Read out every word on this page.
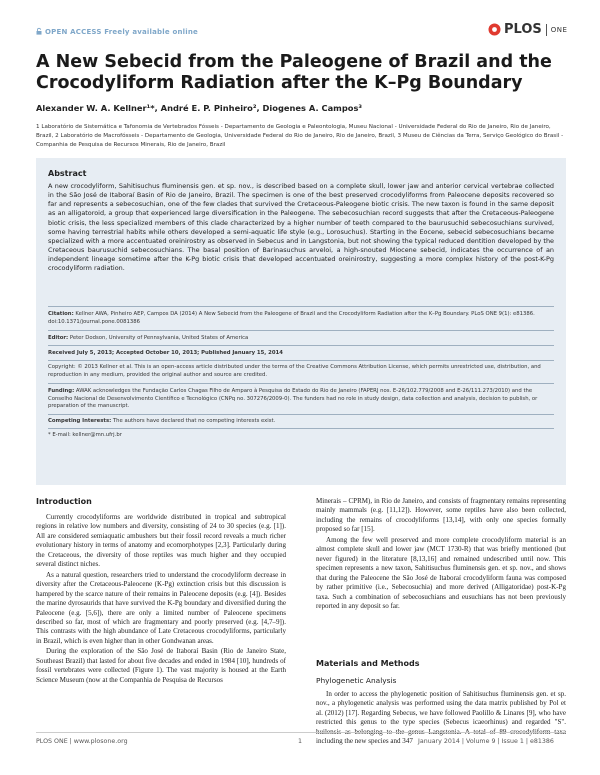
OPEN ACCESS Freely available online	PLOS ONE
A New Sebecid from the Paleogene of Brazil and the Crocodyliform Radiation after the K–Pg Boundary
Alexander W. A. Kellner¹*, André E. P. Pinheiro², Diogenes A. Campos³
1 Laboratório de Sistemática e Tafonomia de Vertebrados Fósseis - Departamento de Geologia e Paleontologia, Museu Nacional - Universidade Federal do Rio de Janeiro, Rio de Janeiro, Brazil, 2 Laboratório de Macrofósseis - Departamento de Geologia, Universidade Federal do Rio de Janeiro, Rio de Janeiro, Brazil, 3 Museu de Ciências da Terra, Serviço Geológico do Brasil - Companhia de Pesquisa de Recursos Minerais, Rio de Janeiro, Brazil
Abstract
A new crocodyliform, Sahitisuchus fluminensis gen. et sp. nov., is described based on a complete skull, lower jaw and anterior cervical vertebrae collected in the São José de Itaboraí Basin of Rio de Janeiro, Brazil. The specimen is one of the best preserved crocodyliforms from Paleocene deposits recovered so far and represents a sebecosuchian, one of the few clades that survived the Cretaceous-Paleogene biotic crisis. The new taxon is found in the same deposit as an alligatoroid, a group that experienced large diversification in the Paleogene. The sebecosuchian record suggests that after the Cretaceous-Paleogene biotic crisis, the less specialized members of this clade characterized by a higher number of teeth compared to the baurusuchid sebecosuchians survived, some having terrestrial habits while others developed a semi-aquatic life style (e.g., Lorosuchus). Starting in the Eocene, sebecid sebecosuchians became specialized with a more accentuated oreinirostry as observed in Sebecus and in Langstonia, but not showing the typical reduced dentition developed by the Cretaceous baurusuchid sebecosuchians. The basal position of Barinasuchus arveloi, a high-snouted Miocene sebecid, indicates the occurrence of an independent lineage sometime after the K-Pg biotic crisis that developed accentuated oreinirostry, suggesting a more complex history of the post-K-Pg crocodyliform radiation.
Citation: Kellner AWA, Pinheiro AEP, Campos DA (2014) A New Sebecid from the Paleogene of Brazil and the Crocodyliform Radiation after the K–Pg Boundary. PLoS ONE 9(1): e81386. doi:10.1371/journal.pone.0081386
Editor: Peter Dodson, University of Pennsylvania, United States of America
Received July 5, 2013; Accepted October 10, 2013; Published January 15, 2014
Copyright: © 2013 Kellner et al. This is an open-access article distributed under the terms of the Creative Commons Attribution License, which permits unrestricted use, distribution, and reproduction in any medium, provided the original author and source are credited.
Funding: AWAK acknowledges the Fundação Carlos Chagas Filho de Amparo à Pesquisa do Estado do Rio de Janeiro (FAPERJ nos. E-26/102.779/2008 and E-26/111.273/2010) and the Conselho Nacional de Desenvolvimento Científico e Tecnológico (CNPq no. 307276/2009-0). The funders had no role in study design, data collection and analysis, decision to publish, or preparation of the manuscript.
Competing Interests: The authors have declared that no competing interests exist.
* E-mail: kellner@mn.ufrj.br
Introduction

Currently crocodyliforms are worldwide distributed in tropical and subtropical regions in relative low numbers and diversity, consisting of 24 to 30 species (e.g. [1]). All are considered semiaquatic ambushers but their fossil record reveals a much richer evolutionary history in terms of anatomy and ecomorphotypes [2,3]. Particularly during the Cretaceous, the diversity of those reptiles was much higher and they occupied several distinct niches.

As a natural question, researchers tried to understand the crocodyliform decrease in diversity after the Cretaceous-Paleocene (K-Pg) extinction crisis but this discussion is hampered by the scarce nature of their remains in Paleocene deposits (e.g. [4]). Besides the marine dyrosaurids that have survived the K-Pg boundary and diversified during the Paleocene (e.g. [5,6]), there are only a limited number of Paleocene specimens described so far, most of which are fragmentary and poorly preserved (e.g. [4,7–9]). This contrasts with the high abundance of Late Cretaceous crocodyliforms, particularly in Brazil, which is even higher than in other Gondwanan areas.

During the exploration of the São José de Itaboraí Basin (Rio de Janeiro State, Southeast Brazil) that lasted for about five decades and ended in 1984 [10], hundreds of fossil vertebrates were collected (Figure 1). The vast majority is housed at the Earth Science Museum (now at the Companhia de Pesquisa de Recursos

Minerais – CPRM), in Rio de Janeiro, and consists of fragmentary remains representing mainly mammals (e.g. [11,12]). However, some reptiles have also been collected, including the remains of crocodyliforms [13,14], with only one species formally proposed so far [15].

Among the few well preserved and more complete crocodyliform material is an almost complete skull and lower jaw (MCT 1730-R) that was briefly mentioned (but never figured) in the literature [8,13,16] and remained undescribed until now. This specimen represents a new taxon, Sahitisuchus fluminensis gen. et sp. nov., and shows that during the Paleocene the São José de Itaboraí crocodyliform fauna was composed by rather primitive (i.e., Sebecosuchia) and more derived (Alligatoridae) post-K-Pg taxa. Such a combination of sebecosuchians and eusuchians has not been previously reported in any deposit so far.

Materials and Methods
Phylogenetic Analysis

In order to access the phylogenetic position of Sahitisuchus fluminensis gen. et sp. nov., a phylogenetic analysis was performed using the data matrix published by Pol et al. (2012) [17]. Regarding Sebecus, we have followed Paolillo & Linares [9], who have restricted this genus to the type species (Sebecus icaeorhinus) and regarded "S". huilensis as belonging to the genus Langstonia. A total of 89 crocodyliform taxa including the new species and 347

PLOS ONE | www.plosone.org	1	January 2014 | Volume 9 | Issue 1 | e81386
